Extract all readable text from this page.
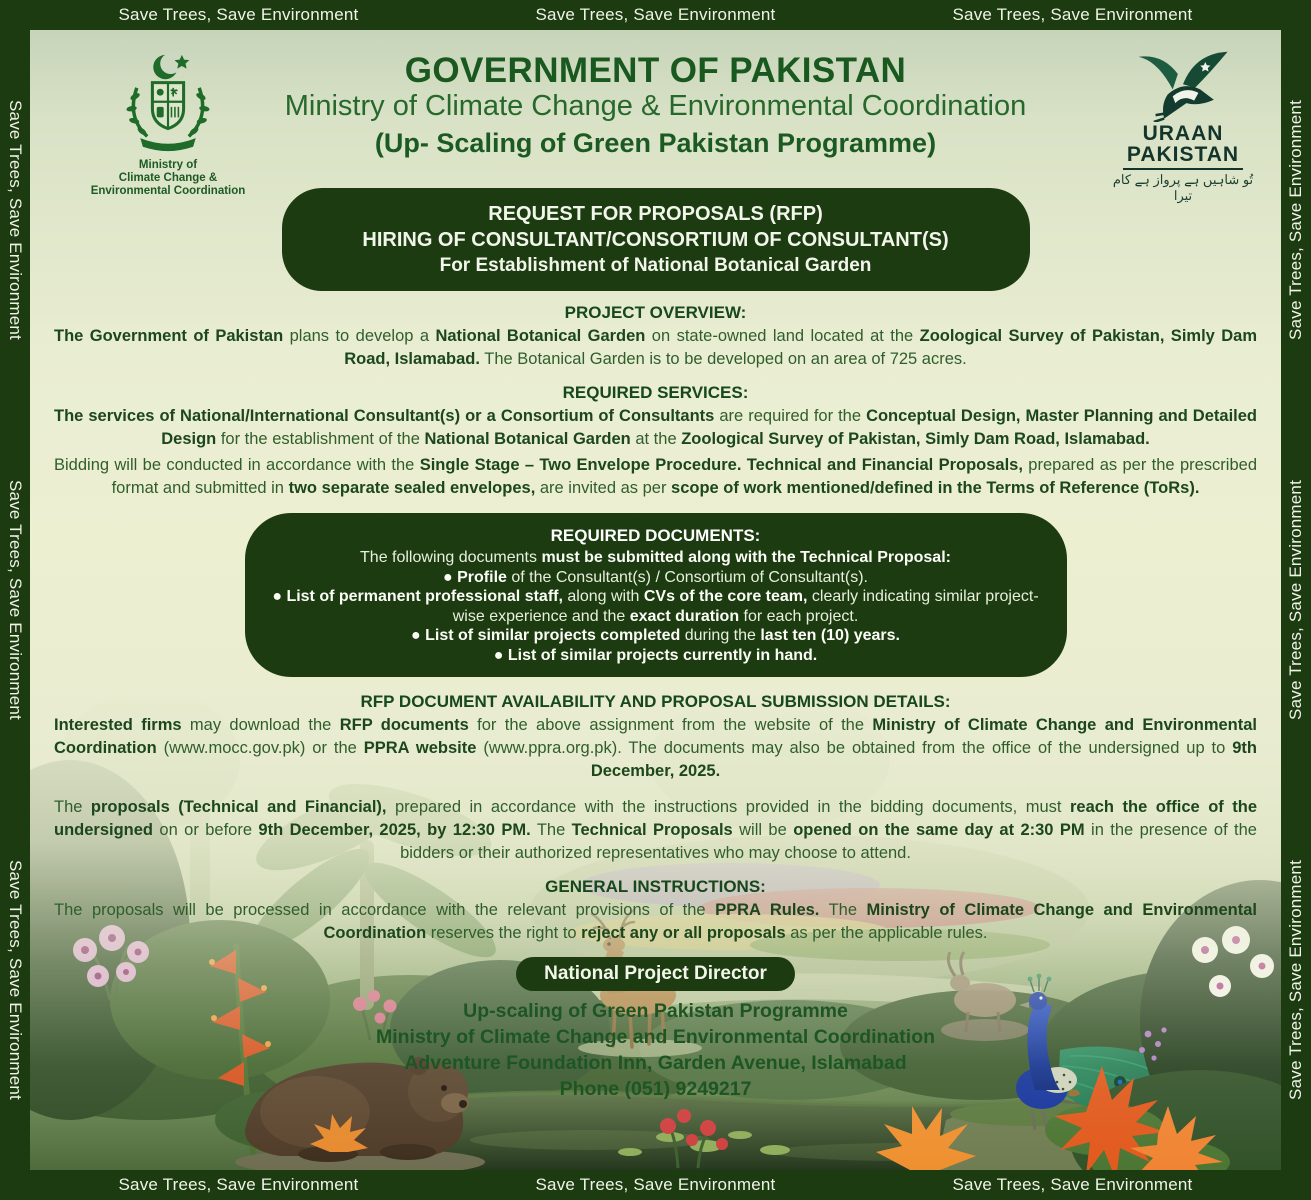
Save Trees, Save Environment	Save Trees, Save Environment	Save Trees, Save Environment
Save Trees, Save Environment	Save Trees, Save Environment	Save Trees, Save Environment
Save Trees, Save Environment
Save Trees, Save Environment
Save Trees, Save Environment
Save Trees, Save Environment
Save Trees, Save Environment
Save Trees, Save Environment
Ministry of
Climate Change &
Environmental Coordination
GOVERNMENT OF PAKISTAN
Ministry of Climate Change & Environmental Coordination
(Up- Scaling of Green Pakistan Programme)	URAAN
PAKISTAN
تُو شاہیں ہے پرواز ہے کام تیرا
REQUEST FOR PROPOSALS (RFP)
HIRING OF CONSULTANT/CONSORTIUM OF CONSULTANT(S)
For Establishment of National Botanical Garden
PROJECT OVERVIEW:
The Government of Pakistan plans to develop a National Botanical Garden on state-owned land located at the Zoological Survey of Pakistan, Simly Dam Road, Islamabad. The Botanical Garden is to be developed on an area of 725 acres.
REQUIRED SERVICES:
The services of National/International Consultant(s) or a Consortium of Consultants are required for the Conceptual Design, Master Planning and Detailed Design for the establishment of the National Botanical Garden at the Zoological Survey of Pakistan, Simly Dam Road, Islamabad.
Bidding will be conducted in accordance with the Single Stage – Two Envelope Procedure. Technical and Financial Proposals, prepared as per the prescribed format and submitted in two separate sealed envelopes, are invited as per scope of work mentioned/defined in the Terms of Reference (ToRs).
REQUIRED DOCUMENTS:
The following documents must be submitted along with the Technical Proposal:
● Profile of the Consultant(s) / Consortium of Consultant(s).
● List of permanent professional staff, along with CVs of the core team, clearly indicating similar project-wise experience and the exact duration for each project.
● List of similar projects completed during the last ten (10) years.
● List of similar projects currently in hand.
RFP DOCUMENT AVAILABILITY AND PROPOSAL SUBMISSION DETAILS:
Interested firms may download the RFP documents for the above assignment from the website of the Ministry of Climate Change and Environmental Coordination (www.mocc.gov.pk) or the PPRA website (www.ppra.org.pk). The documents may also be obtained from the office of the undersigned up to 9th December, 2025.
The proposals (Technical and Financial), prepared in accordance with the instructions provided in the bidding documents, must reach the office of the undersigned on or before 9th December, 2025, by 12:30 PM. The Technical Proposals will be opened on the same day at 2:30 PM in the presence of the bidders or their authorized representatives who may choose to attend.
GENERAL INSTRUCTIONS:
The proposals will be processed in accordance with the relevant provisions of the PPRA Rules. The Ministry of Climate Change and Environmental Coordination reserves the right to reject any or all proposals as per the applicable rules.
National Project Director
Up-scaling of Green Pakistan Programme
Ministry of Climate Change and Environmental Coordination
Adventure Foundation Inn, Garden Avenue, Islamabad
Phone (051) 9249217
